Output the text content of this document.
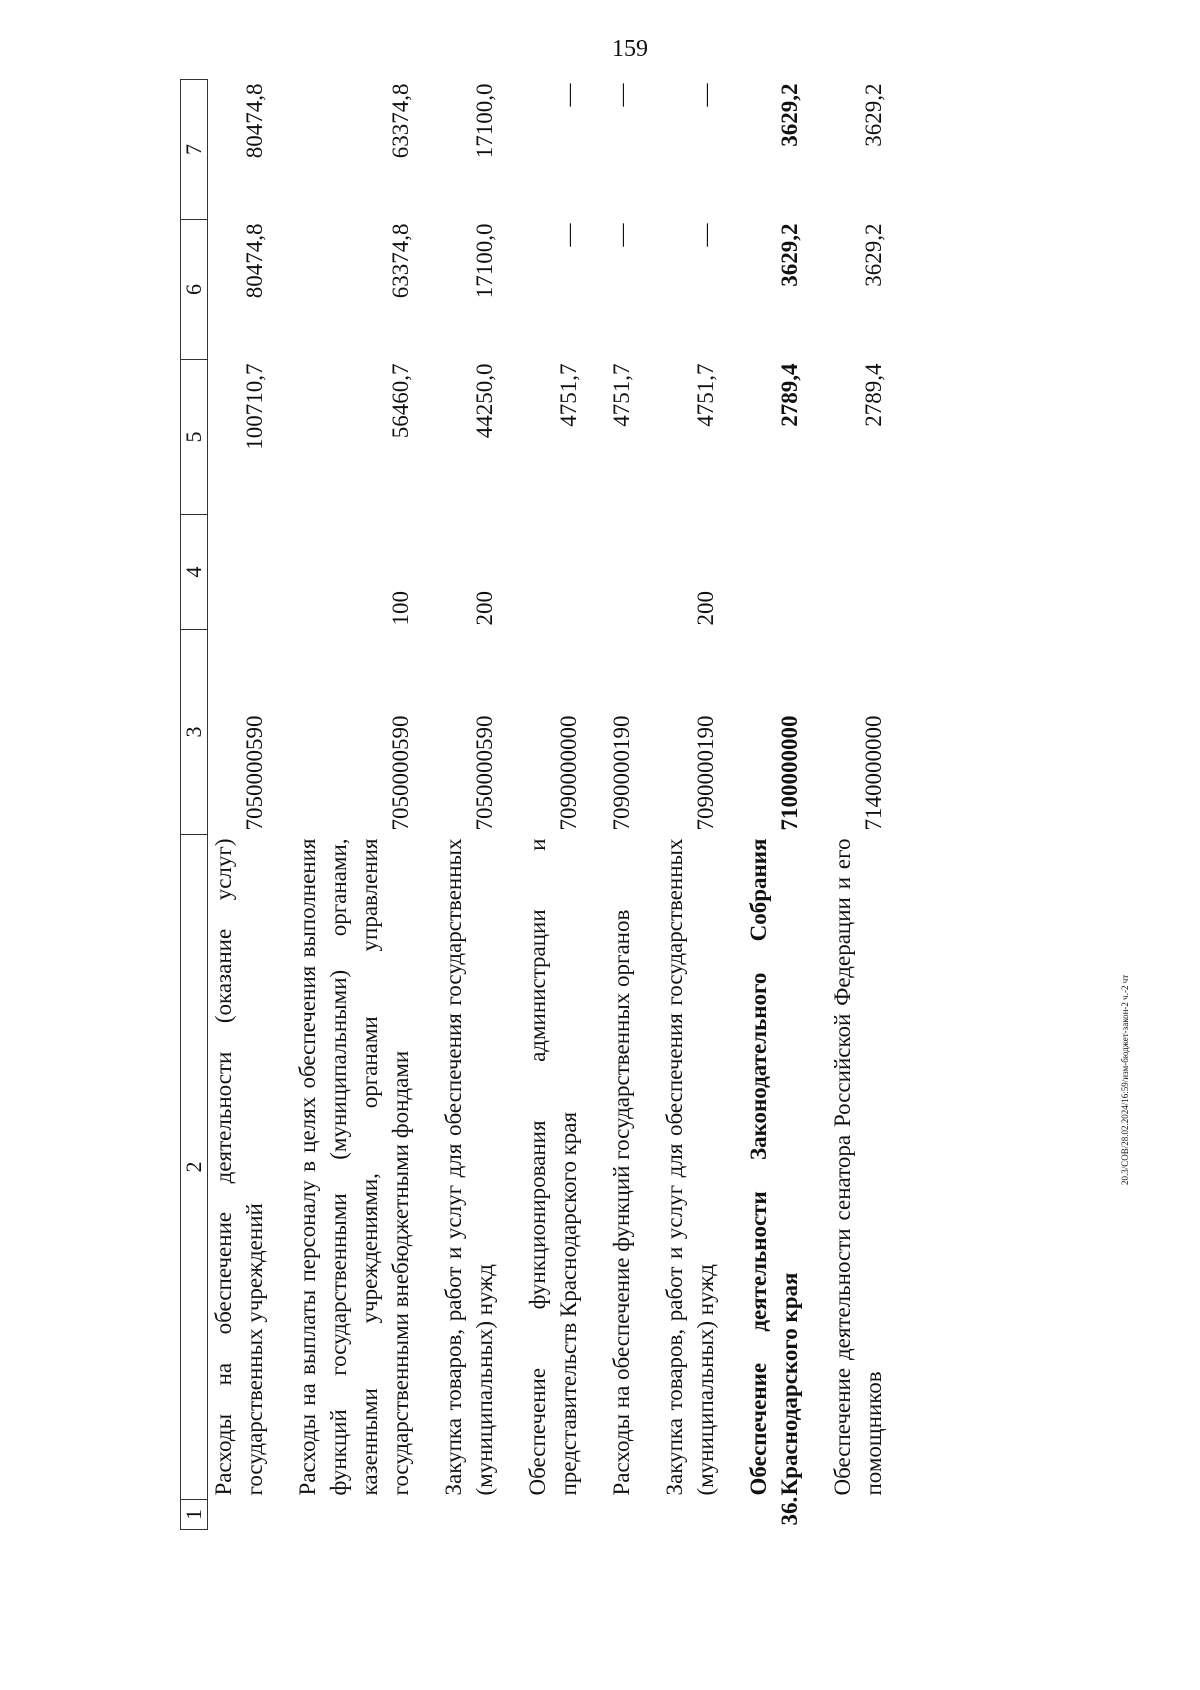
159
20.3/СОВ/28.02.2024/16:59/изм-бюджет-закон-2 ч.-2 чт
1	2	3	4	5	6	7
	Расходы на обеспечение деятельности (оказание услуг) государственных учреждений	7050000590		100710,7	80474,8	80474,8
	Расходы на выплаты персоналу в целях обеспечения выполнения функций государственными (муниципальными) органами, казенными учреждениями, органами управления государственными внебюджетными фондами	7050000590	100	56460,7	63374,8	63374,8
	Закупка товаров, работ и услуг для обеспечения государственных (муниципальных) нужд	7050000590	200	44250,0	17100,0	17100,0
	Обеспечение функционирования администрации и представительств Краснодарского края	7090000000		4751,7	—	—
	Расходы на обеспечение функций государственных органов	7090000190		4751,7	—	—
	Закупка товаров, работ и услуг для обеспечения государственных (муниципальных) нужд	7090000190	200	4751,7	—	—
36.	Обеспечение деятельности Законодательного Собрания Краснодарского края	7100000000		2789,4	3629,2	3629,2
	Обеспечение деятельности сенатора Российской Федерации и его помощников	7140000000		2789,4	3629,2	3629,2
